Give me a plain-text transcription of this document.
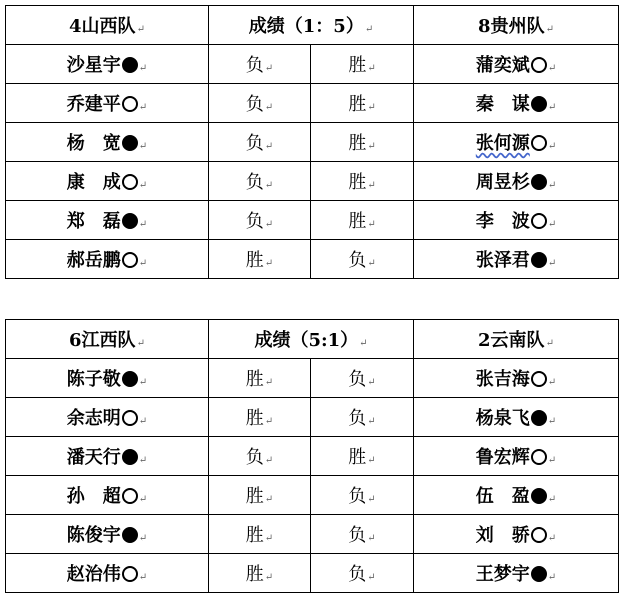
4山西队↵	成绩（1：5）↵		8贵州队↵
沙星宇 ↵	负↵	胜↵	蒲奕斌 ↵
乔建平 ↵	负↵	胜↵	秦　谋 ↵
杨　宽 ↵	负↵	胜↵	张何源 ↵
康　成 ↵	负↵	胜↵	周昱杉 ↵
郑　磊 ↵	负↵	胜↵	李　波 ↵
郝岳鹏 ↵	胜↵	负↵	张泽君 ↵
6江西队↵	成绩（5:1）↵		2云南队↵
陈子敬 ↵	胜↵	负↵	张吉海 ↵
余志明 ↵	胜↵	负↵	杨泉飞 ↵
潘天行 ↵	负↵	胜↵	鲁宏辉 ↵
孙　超 ↵	胜↵	负↵	伍　盈 ↵
陈俊宇 ↵	胜↵	负↵	刘　骄 ↵
赵治伟 ↵	胜↵	负↵	王梦宇 ↵
